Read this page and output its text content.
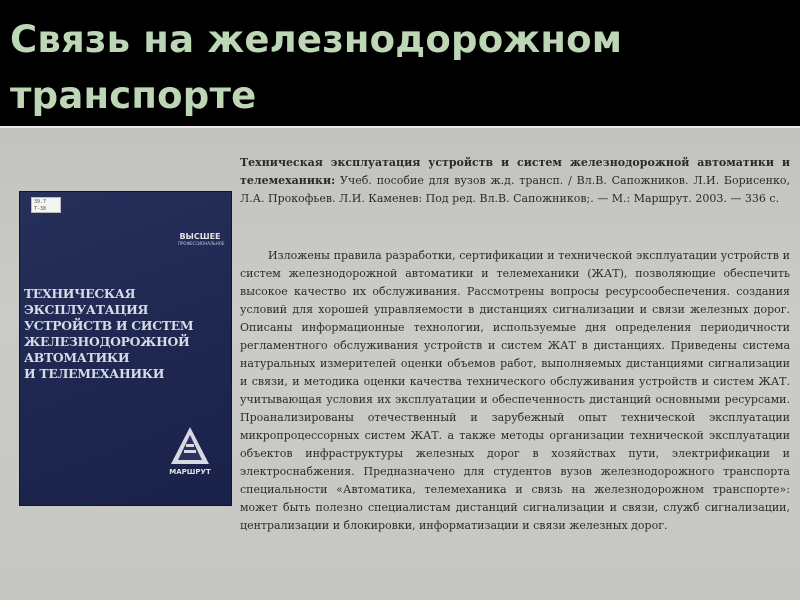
Связь на железнодорожном транспорте
39.7 Т-38
ВЫСШЕЕ
ПРОФЕССИОНАЛЬНОЕ
ТЕХНИЧЕСКАЯ
ЭКСПЛУАТАЦИЯ
УСТРОЙСТВ И СИСТЕМ
ЖЕЛЕЗНОДОРОЖНОЙ
АВТОМАТИКИ
И ТЕЛЕМЕХАНИКИ
МАРШРУТ

Техническая эксплуатация устройств и систем железнодорожной автоматики и телемеханики: Учеб. пособие для вузов ж.д. трансп. / Вл.В. Сапожников. Л.И. Борисенко, Л.А. Прокофьев. Л.И. Каменев: Под ред. Вл.В. Сапожников;. — М.: Маршрут. 2003. — 336 с.

Изложены правила разработки, сертификации и технической эксплуатации устройств и систем железнодорожной автоматики и телемеханики (ЖАТ), позволяющие обеспечить высокое качество их обслуживания. Рассмотрены вопросы ресурсообеспечения. создания условий для хорошей управляемости в дистанциях сигнализации и связи железных дорог. Описаны информационные технологии, используемые дня определения периодичности регламентного обслуживания устройств и систем ЖАТ в дистанциях. Приведены система натуральных измерителей оценки объемов работ, выполняемых дистанциями сигнализации и связи, и методика оценки качества технического обслуживания устройств и систем ЖАТ. учитывающая условия их эксплуатации и обеспеченность дистанций основными ресурсами. Проанализированы отечественный и зарубежный опыт технической эксплуатации микропроцессорных систем ЖАТ. а также методы организации технической эксплуатации объектов инфраструктуры железных дорог в хозяйствах пути, электрификации и электроснабжения. Предназначено для студентов вузов железнодорожного транспорта специальности «Автоматика, телемеханика и связь на железнодорожном транспорте»: может быть полезно специалистам дистанций сигнализации и связи, служб сигнализации, централизации и блокировки, информатизации и связи железных дорог.
